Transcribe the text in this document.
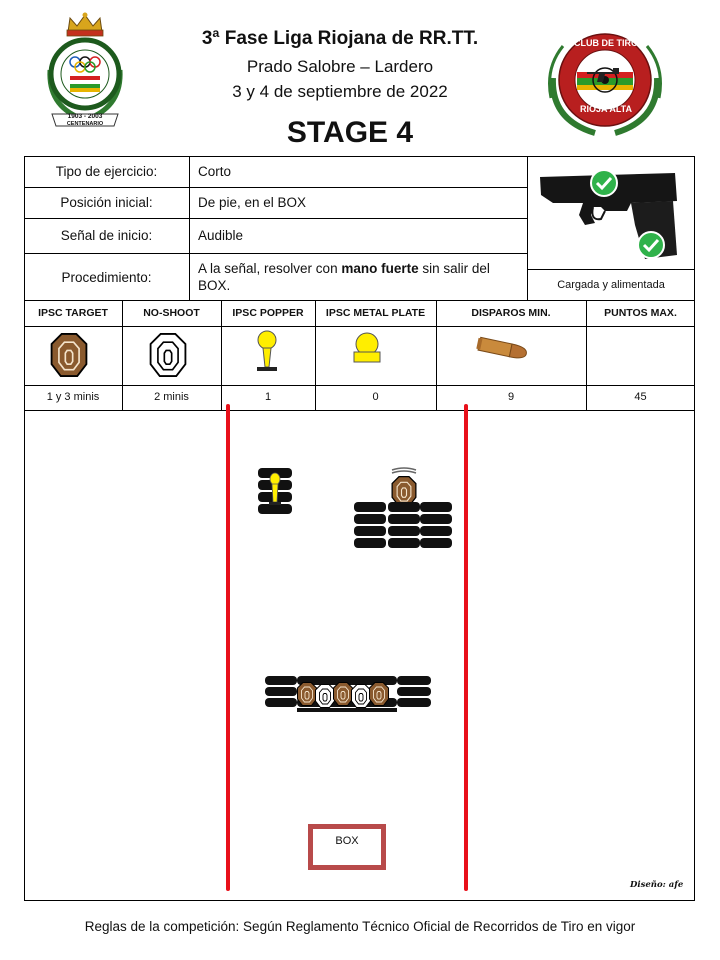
1903 - 2003
CENTENARIO
CLUB DE TIRO
RIOJA ALTA
3ª Fase Liga Riojana de RR.TT.
Prado Salobre – Lardero
3 y 4 de septiembre de 2022
STAGE 4
Tipo de ejercicio:	Corto
Posición inicial:	De pie, en el BOX
Señal de inicio:	Audible
Procedimiento:
A la señal, resolver con mano fuerte sin salir del BOX.	Cargada y alimentada
IPSC TARGET	NO-SHOOT	IPSC POPPER	IPSC METAL PLATE	DISPAROS MIN.	PUNTOS MAX.
1 y 3 minis	2 minis	1	0	9	45
BOX
Diseño: afe
Reglas de la competición: Según Reglamento Técnico Oficial de Recorridos de Tiro en vigor
